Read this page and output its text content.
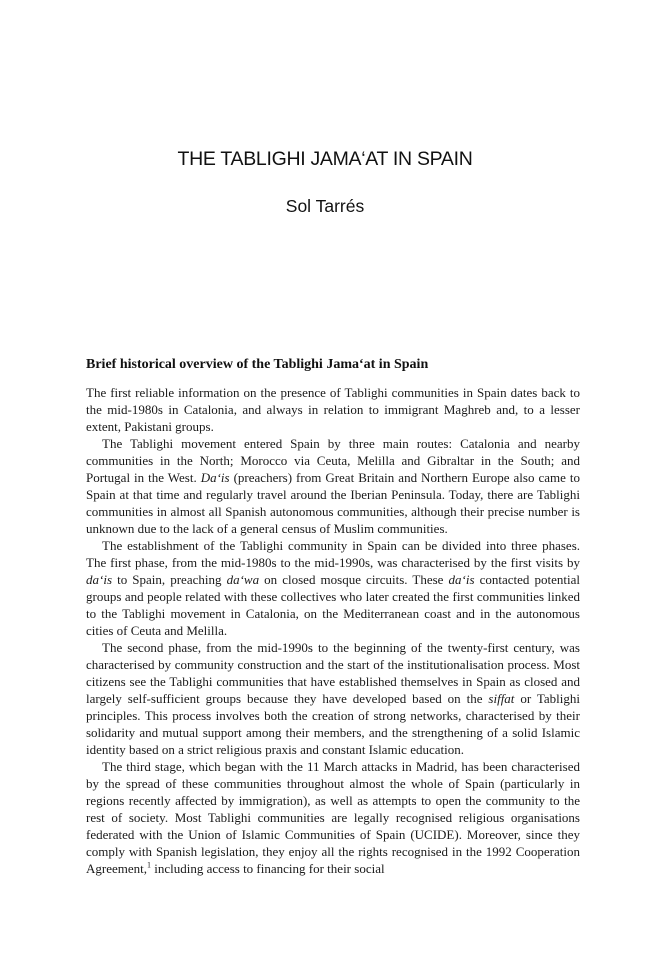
THE TABLIGHI JAMA‘AT IN SPAIN
Sol Tarrés
Brief historical overview of the Tablighi Jama‘at in Spain

The first reliable information on the presence of Tablighi communities in Spain dates back to the mid-1980s in Catalonia, and always in relation to immigrant Maghreb and, to a lesser extent, Pakistani groups.

The Tablighi movement entered Spain by three main routes: Catalonia and nearby communities in the North; Morocco via Ceuta, Melilla and Gibraltar in the South; and Portugal in the West. Da‘is (preachers) from Great Britain and Northern Europe also came to Spain at that time and regularly travel around the Iberian Peninsula. Today, there are Tablighi communities in almost all Spanish autonomous communities, although their precise number is unknown due to the lack of a general census of Muslim communities.

The establishment of the Tablighi community in Spain can be divided into three phases. The first phase, from the mid-1980s to the mid-1990s, was characterised by the first visits by da‘is to Spain, preaching da‘wa on closed mosque circuits. These da‘is contacted potential groups and people related with these collectives who later created the first communities linked to the Tablighi movement in Catalonia, on the Mediterranean coast and in the autonomous cities of Ceuta and Melilla.

The second phase, from the mid-1990s to the beginning of the twenty-first century, was characterised by community construction and the start of the institutionalisation process. Most citizens see the Tablighi communities that have established themselves in Spain as closed and largely self-sufficient groups because they have developed based on the siffat or Tablighi principles. This process involves both the creation of strong networks, characterised by their solidarity and mutual support among their members, and the strengthening of a solid Islamic identity based on a strict religious praxis and constant Islamic education.

The third stage, which began with the 11 March attacks in Madrid, has been characterised by the spread of these communities throughout almost the whole of Spain (particularly in regions recently affected by immigration), as well as attempts to open the community to the rest of society. Most Tablighi communities are legally recognised religious organisations federated with the Union of Islamic Communities of Spain (UCIDE). Moreover, since they comply with Spanish legislation, they enjoy all the rights recognised in the 1992 Cooperation Agreement,$^1$ including access to financing for their social
